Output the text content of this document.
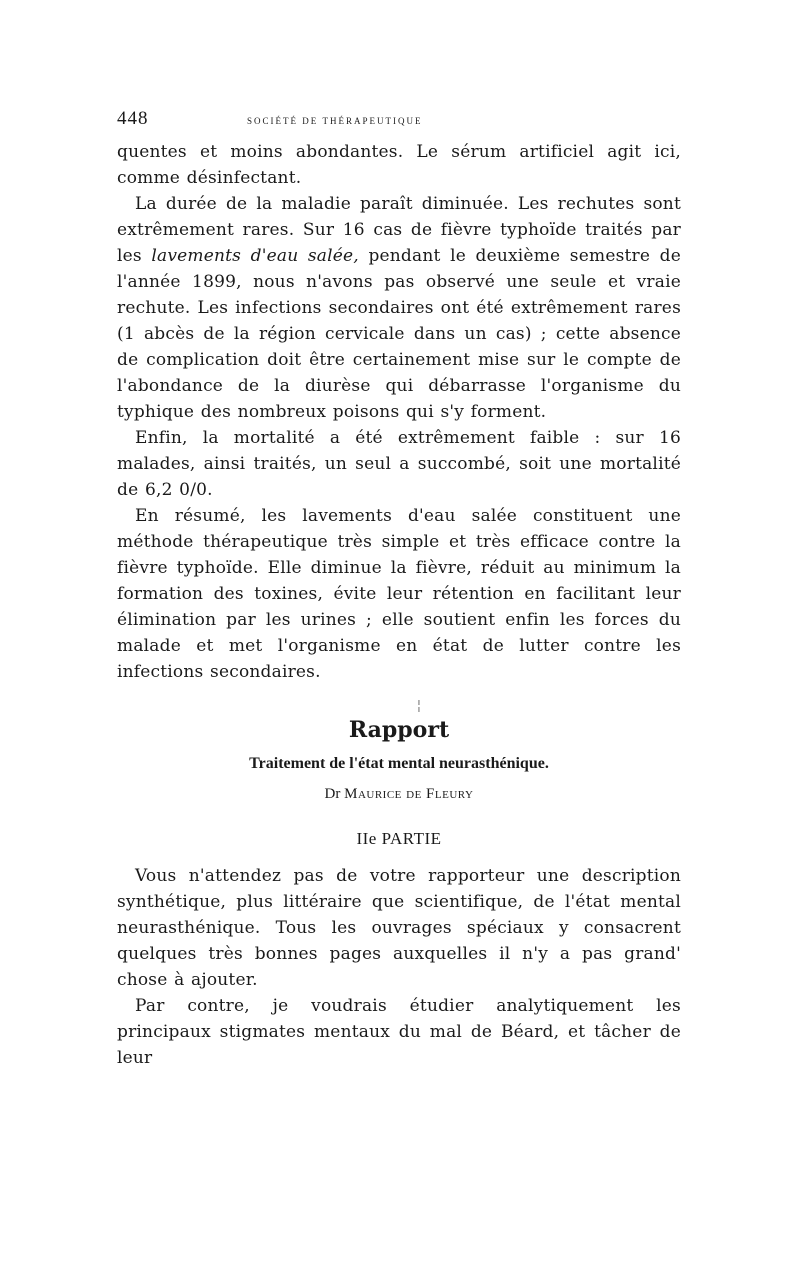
448	société de thérapeutique

quentes et moins abondantes. Le sérum artificiel agit ici, comme désinfectant.

La durée de la maladie paraît diminuée. Les rechutes sont extrêmement rares. Sur 16 cas de fièvre typhoïde traités par les lavements d'eau salée, pendant le deuxième semestre de l'année 1899, nous n'avons pas observé une seule et vraie rechute. Les infections secondaires ont été extrêmement rares (1 abcès de la région cervicale dans un cas) ; cette absence de complication doit être certainement mise sur le compte de l'abondance de la diurèse qui débarrasse l'organisme du typhique des nombreux poisons qui s'y forment.

Enfin, la mortalité a été extrêmement faible : sur 16 malades, ainsi traités, un seul a succombé, soit une mortalité de 6,2 0/0.

En résumé, les lavements d'eau salée constituent une méthode thérapeutique très simple et très efficace contre la fièvre typhoïde. Elle diminue la fièvre, réduit au minimum la formation des toxines, évite leur rétention en facilitant leur élimination par les urines ; elle soutient enfin les forces du malade et met l'organisme en état de lutter contre les infections secondaires.

╎
Rapport
Traitement de l'état mental neurasthénique.
Dr Maurice de Fleury
IIe PARTIE

Vous n'attendez pas de votre rapporteur une description synthétique, plus littéraire que scientifique, de l'état mental neurasthénique. Tous les ouvrages spéciaux y consacrent quelques très bonnes pages auxquelles il n'y a pas grand' chose à ajouter.

Par contre, je voudrais étudier analytiquement les principaux stigmates mentaux du mal de Béard, et tâcher de leur
